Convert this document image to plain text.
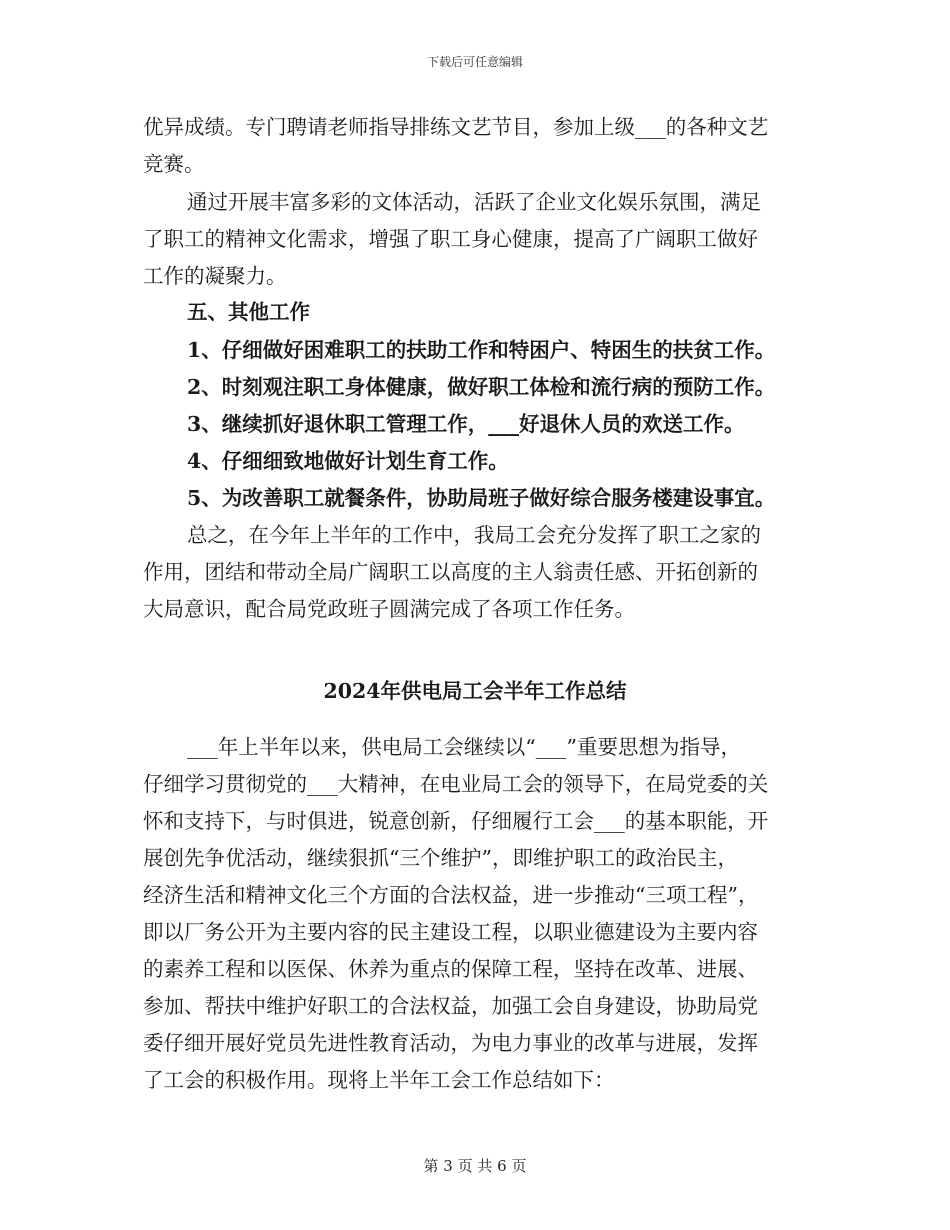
下载后可任意编辑
优异成绩。专门聘请老师指导排练文艺节目，参加上级___的各种文艺
竞赛。
通过开展丰富多彩的文体活动，活跃了企业文化娱乐氛围，满足
了职工的精神文化需求，增强了职工身心健康，提高了广阔职工做好
工作的凝聚力。
五、其他工作
1、仔细做好困难职工的扶助工作和特困户、特困生的扶贫工作。
2、时刻观注职工身体健康，做好职工体检和流行病的预防工作。
3、继续抓好退休职工管理工作，___好退休人员的欢送工作。
4、仔细细致地做好计划生育工作。
5、为改善职工就餐条件，协助局班子做好综合服务楼建设事宜。
总之，在今年上半年的工作中，我局工会充分发挥了职工之家的
作用，团结和带动全局广阔职工以高度的主人翁责任感、开拓创新的
大局意识，配合局党政班子圆满完成了各项工作任务。
2024年供电局工会半年工作总结
___年上半年以来，供电局工会继续以“___”重要思想为指导，
仔细学习贯彻党的___大精神，在电业局工会的领导下，在局党委的关
怀和支持下，与时俱进，锐意创新，仔细履行工会___的基本职能，开
展创先争优活动，继续狠抓“三个维护”，即维护职工的政治民主，
经济生活和精神文化三个方面的合法权益，进一步推动“三项工程”，
即以厂务公开为主要内容的民主建设工程，以职业德建设为主要内容
的素养工程和以医保、休养为重点的保障工程，坚持在改革、进展、
参加、帮扶中维护好职工的合法权益，加强工会自身建设，协助局党
委仔细开展好党员先进性教育活动，为电力事业的改革与进展，发挥
了工会的积极作用。现将上半年工会工作总结如下：
第 3 页 共 6 页
